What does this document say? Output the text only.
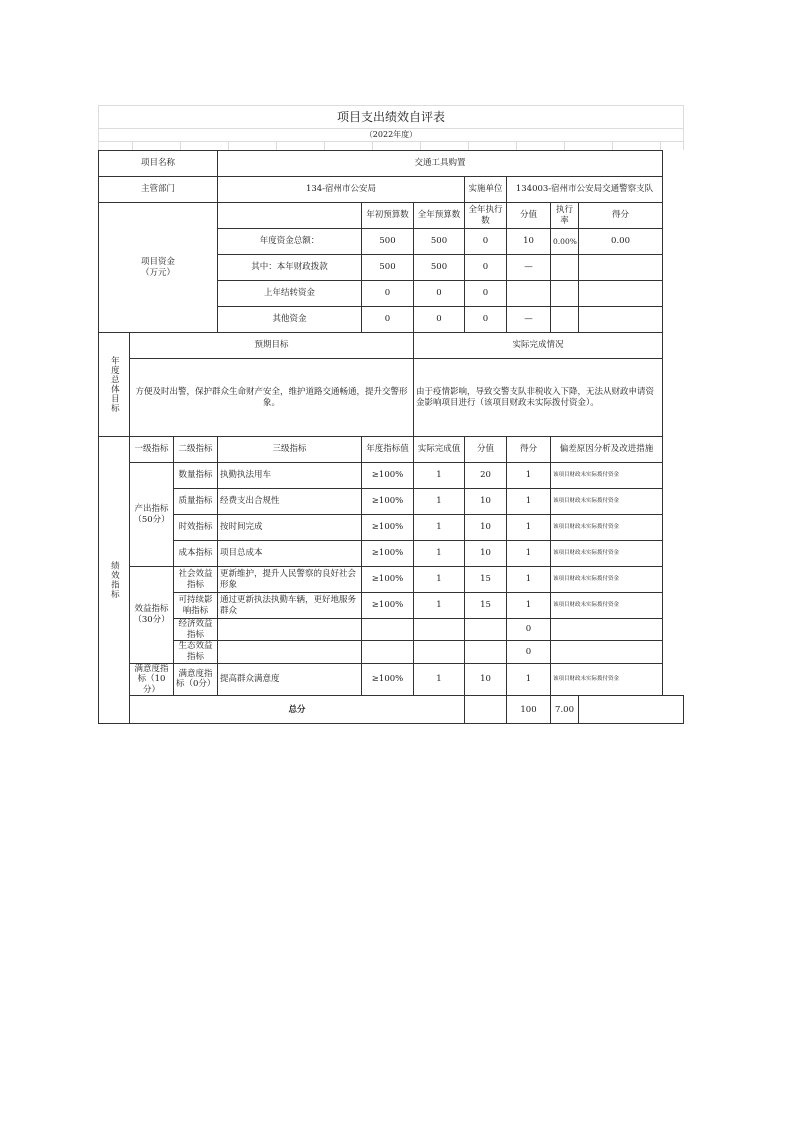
项目支出绩效自评表
（2022年度）
项目名称			交通工具购置						
主管部门			134-宿州市公安局			实施单位	134003-宿州市公安局交通警察支队		

项目资金
（万元）				年初预算数	全年预算数	全年执行数	分值	执行率	得分
			年度资金总额：	500	500	0	10	0.00%	0.00
			其中：本年财政拨款	500	500	0	—		
			上年结转资金	0	0	0			
			其他资金	0	0	0	—		
年度总体目标	预期目标				实际完成情况				
	方便及时出警，保护群众生命财产安全，维护道路交通畅通，提升交警形象。				由于疫情影响，导致交警支队非税收入下降，无法从财政申请资金影响项目进行（该项目财政未实际拨付资金）。				
绩效指标	一级指标	二级指标	三级指标	年度指标值	实际完成值	分值	得分	偏差原因分析及改进措施	
	产出指标（50分）	数量指标	执勤执法用车	≥100%	1	20	1	该项目财政未实际拨付资金	
		质量指标	经费支出合规性	≥100%	1	10	1	该项目财政未实际拨付资金	
		时效指标	按时间完成	≥100%	1	10	1	该项目财政未实际拨付资金	
		成本指标	项目总成本	≥100%	1	10	1	该项目财政未实际拨付资金	
	效益指标（30分）	社会效益指标	更新维护，提升人民警察的良好社会形象	≥100%	1	15	1	该项目财政未实际拨付资金	
		可持续影响指标	通过更新执法执勤车辆，更好地服务群众	≥100%	1	15	1	该项目财政未实际拨付资金	
		经济效益指标					0		
		生态效益指标					0		
	满意度指标（10分）	满意度指标（0分）	提高群众满意度	≥100%	1	10	1	该项目财政未实际拨付资金	
	总分						100	7.00	
